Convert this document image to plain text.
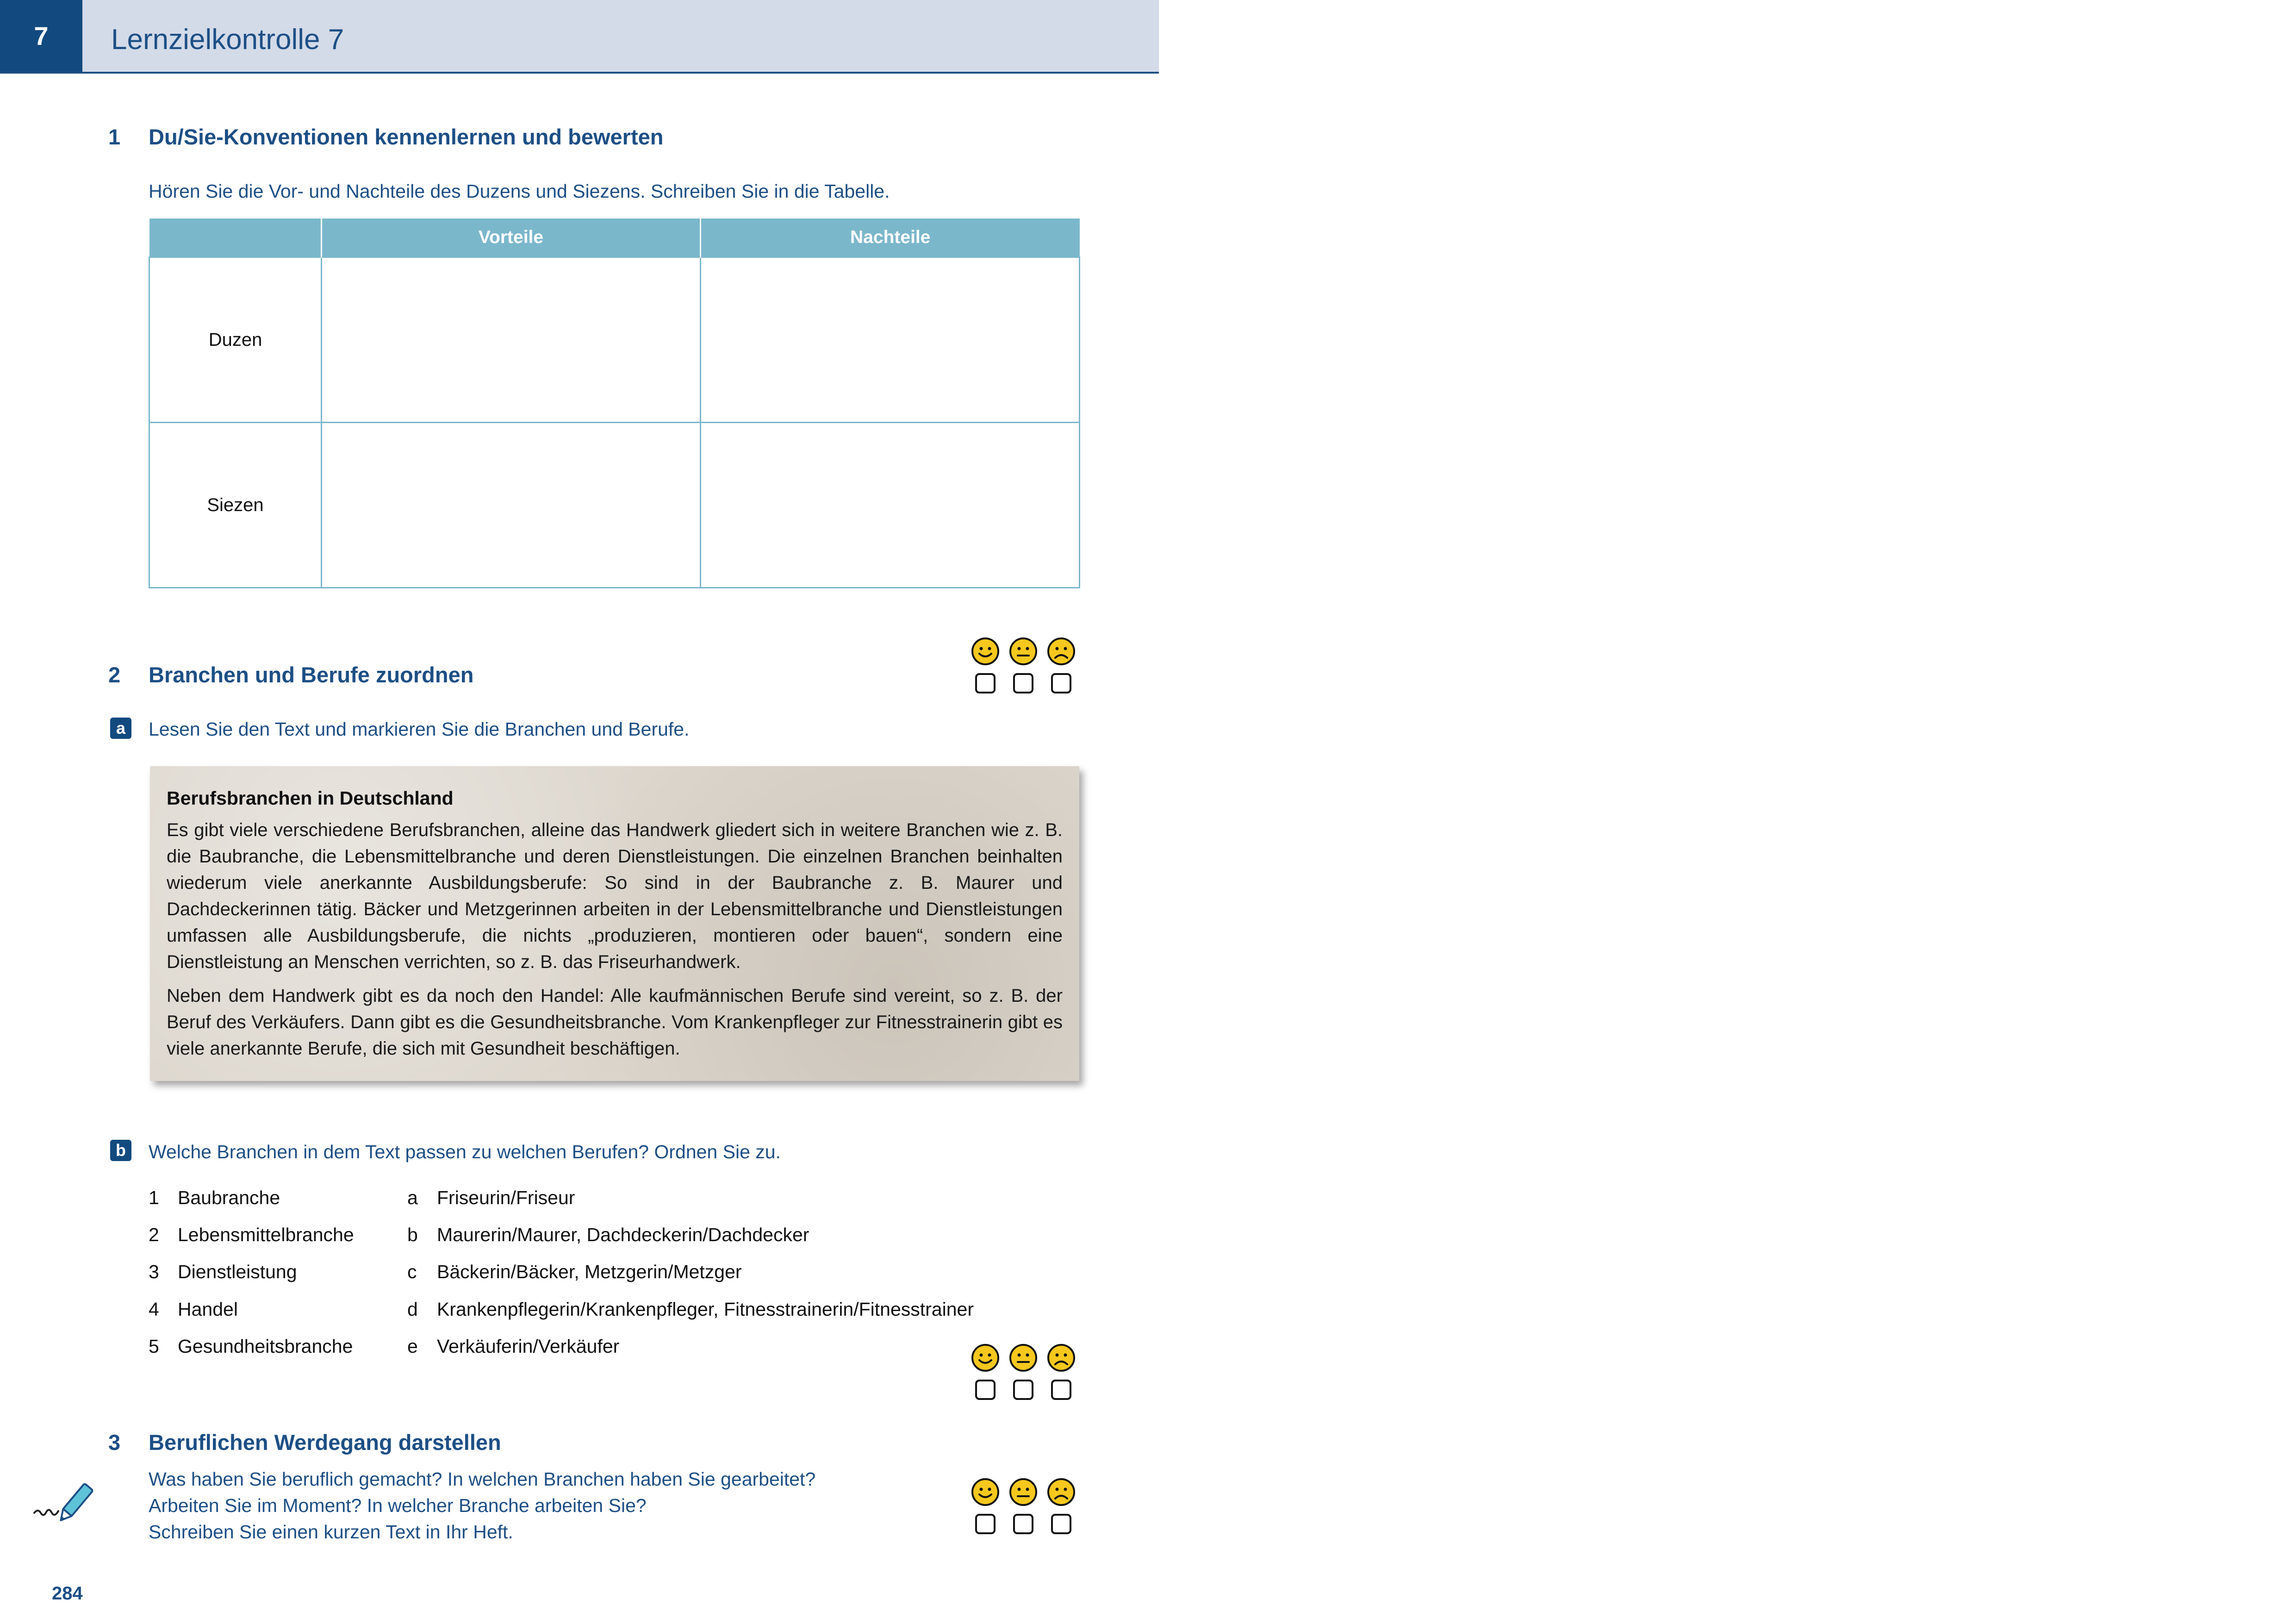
7	Lernzielkontrolle 7
1 Du/Sie-Konventionen kennenlernen und bewerten
Hören Sie die Vor- und Nachteile des Duzens und Siezens. Schreiben Sie in die Tabelle.
	Vorteile	Nachteile
Duzen		
Siezen		
2 Branchen und Berufe zuordnen
a	Lesen Sie den Text und markieren Sie die Branchen und Berufe.
Berufsbranchen in Deutschland
Es gibt viele verschiedene Berufsbranchen, alleine das Handwerk gliedert sich in weitere Branchen wie z. B. die Baubranche, die Lebensmittelbranche und deren Dienstleistungen. Die einzelnen Branchen beinhalten wiederum viele anerkannte Ausbildungsberufe: So sind in der Baubranche z. B. Maurer und Dachdeckerinnen tätig. Bäcker und Metzgerinnen arbeiten in der Lebensmittelbranche und Dienstleistungen umfassen alle Ausbildungsberufe, die nichts „produzieren, montieren oder bauen“, sondern eine Dienstleistung an Menschen verrichten, so z. B. das Friseurhandwerk.
Neben dem Handwerk gibt es da noch den Handel: Alle kaufmännischen Berufe sind vereint, so z. B. der Beruf des Verkäufers. Dann gibt es die Gesundheitsbranche. Vom Krankenpfleger zur Fitnesstrainerin gibt es viele anerkannte Berufe, die sich mit Gesundheit beschäftigen.
b Welche Branchen in dem Text passen zu welchen Berufen? Ordnen Sie zu.
1 Baubranche	a Friseurin/Friseur
2 Lebensmittelbranche	b Maurerin/Maurer, Dachdeckerin/Dachdecker
3 Dienstleistung	c Bäckerin/Bäcker, Metzgerin/Metzger
4 Handel	d Krankenpflegerin/Krankenpfleger, Fitnesstrainerin/Fitnesstrainer
5 Gesundheitsbranche	e Verkäuferin/Verkäufer
3 Beruflichen Werdegang darstellen
Was haben Sie beruflich gemacht? In welchen Branchen haben Sie gearbeitet?
Arbeiten Sie im Moment? In welcher Branche arbeiten Sie?
Schreiben Sie einen kurzen Text in Ihr Heft.
284
